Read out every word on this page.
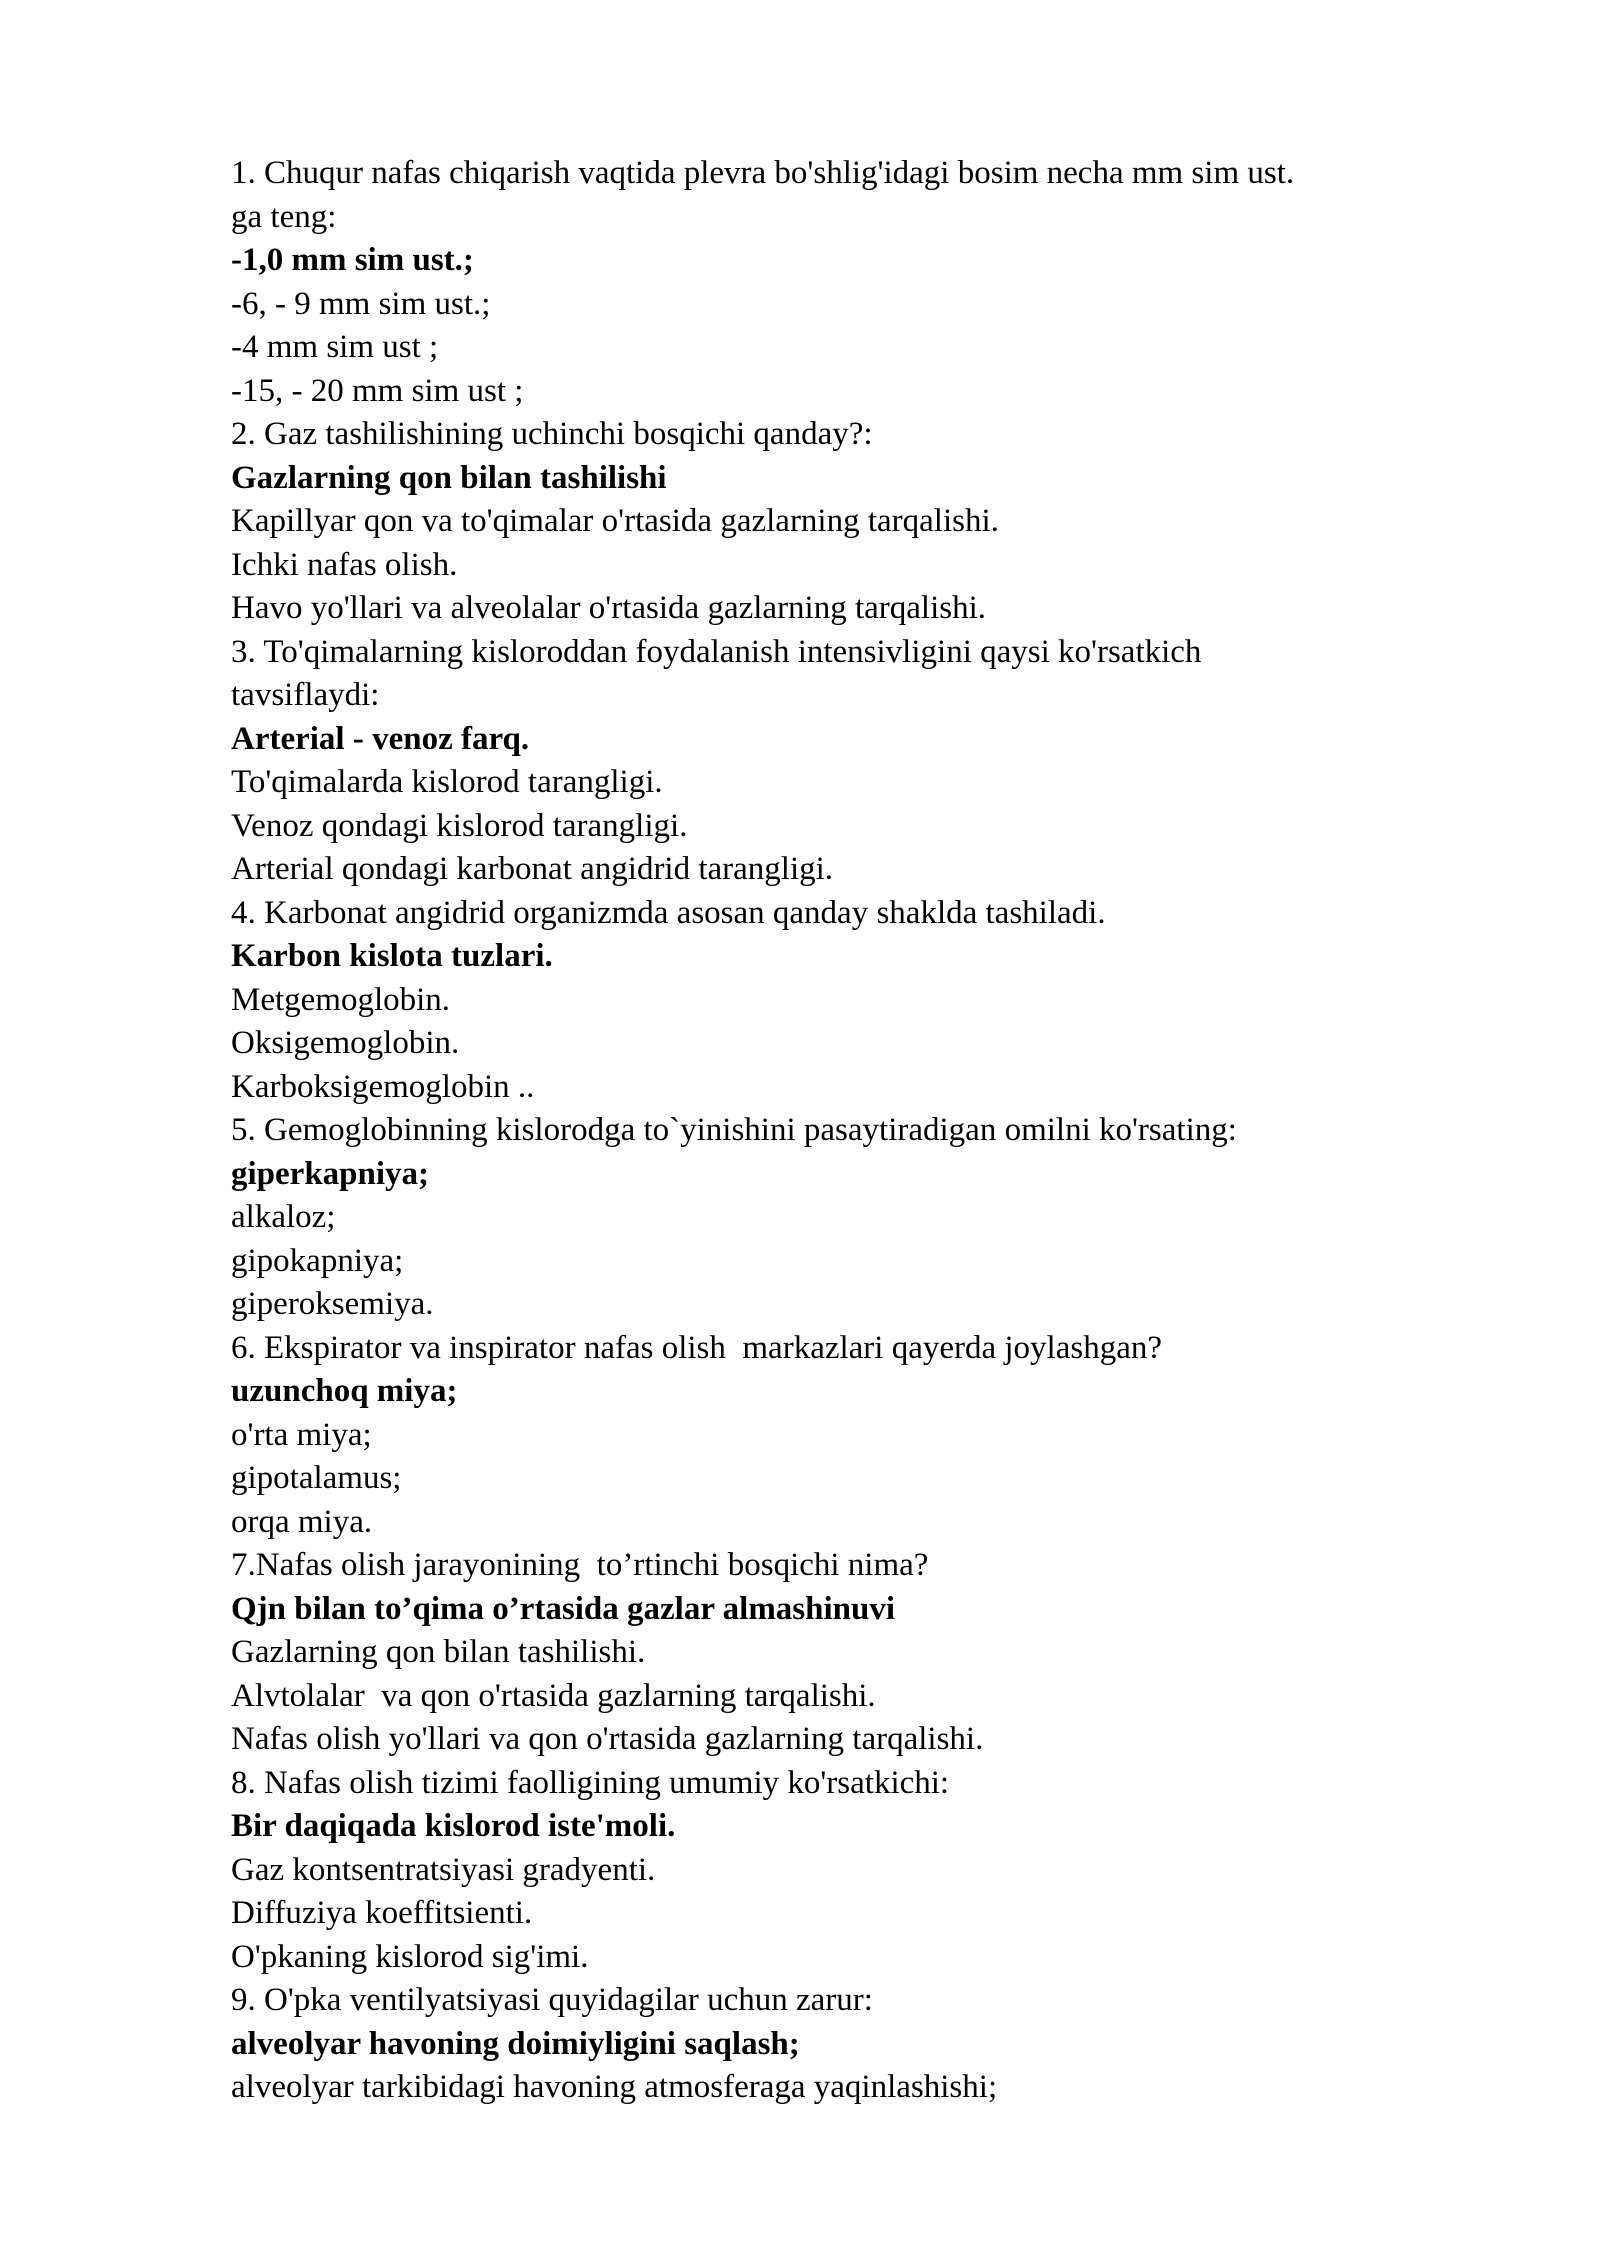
1. Chuqur nafas chiqarish vaqtida plevra bo'shlig'idagi bosim necha mm sim ust.

ga teng:

-1,0 mm sim ust.;

-6, - 9 mm sim ust.;

-4 mm sim ust ;

-15, - 20 mm sim ust ;

2. Gaz tashilishining uchinchi bosqichi qanday?:

Gazlarning qon bilan tashilishi

Kapillyar qon va to'qimalar o'rtasida gazlarning tarqalishi.

Ichki nafas olish.

Havo yo'llari va alveolalar o'rtasida gazlarning tarqalishi.

3. To'qimalarning kisloroddan foydalanish intensivligini qaysi ko'rsatkich

tavsiflaydi:

Arterial - venoz farq.

To'qimalarda kislorod tarangligi.

Venoz qondagi kislorod tarangligi.

Arterial qondagi karbonat angidrid tarangligi.

4. Karbonat angidrid organizmda asosan qanday shaklda tashiladi.

Karbon kislota tuzlari.

Metgemoglobin.

Oksigemoglobin.

Karboksigemoglobin ..

5. Gemoglobinning kislorodga to`yinishini pasaytiradigan omilni ko'rsating:

giperkapniya;

alkaloz;

gipokapniya;

giperoksemiya.

6. Ekspirator va inspirator nafas olish  markazlari qayerda joylashgan?

uzunchoq miya;

o'rta miya;

gipotalamus;

orqa miya.

7.Nafas olish jarayonining  to’rtinchi bosqichi nima?

Qjn bilan to’qima o’rtasida gazlar almashinuvi

Gazlarning qon bilan tashilishi.

Alvtolalar  va qon o'rtasida gazlarning tarqalishi.

Nafas olish yo'llari va qon o'rtasida gazlarning tarqalishi.

8. Nafas olish tizimi faolligining umumiy ko'rsatkichi:

Bir daqiqada kislorod iste'moli.

Gaz kontsentratsiyasi gradyenti.

Diffuziya koeffitsienti.

O'pkaning kislorod sig'imi.

9. O'pka ventilyatsiyasi quyidagilar uchun zarur:

alveolyar havoning doimiyligini saqlash;

alveolyar tarkibidagi havoning atmosferaga yaqinlashishi;
